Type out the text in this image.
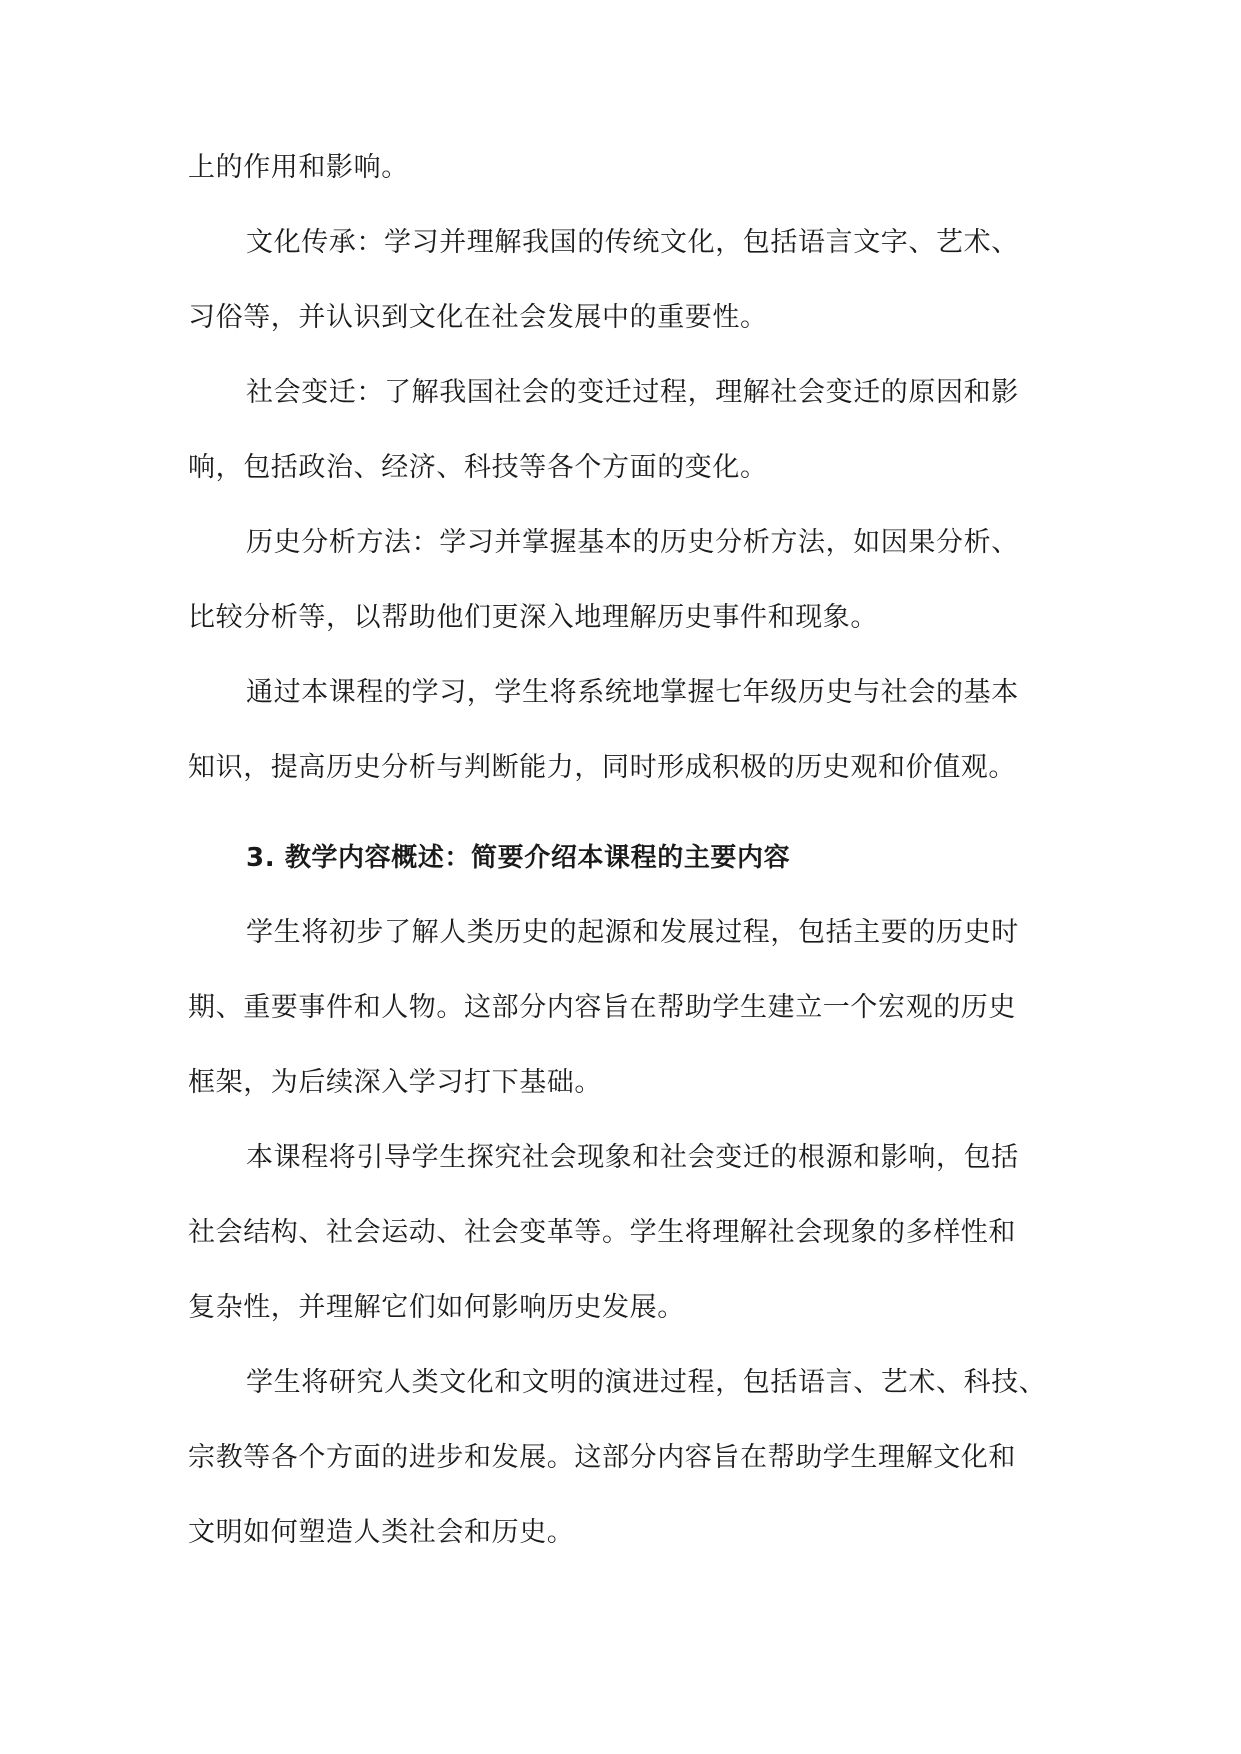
上的作用和影响。
文化传承：学习并理解我国的传统文化，包括语言文字、艺术、
习俗等，并认识到文化在社会发展中的重要性。
社会变迁：了解我国社会的变迁过程，理解社会变迁的原因和影
响，包括政治、经济、科技等各个方面的变化。
历史分析方法：学习并掌握基本的历史分析方法，如因果分析、
比较分析等，以帮助他们更深入地理解历史事件和现象。
通过本课程的学习，学生将系统地掌握七年级历史与社会的基本
知识，提高历史分析与判断能力，同时形成积极的历史观和价值观。
3. 教学内容概述：简要介绍本课程的主要内容
学生将初步了解人类历史的起源和发展过程，包括主要的历史时
期、重要事件和人物。这部分内容旨在帮助学生建立一个宏观的历史
框架，为后续深入学习打下基础。
本课程将引导学生探究社会现象和社会变迁的根源和影响，包括
社会结构、社会运动、社会变革等。学生将理解社会现象的多样性和
复杂性，并理解它们如何影响历史发展。
学生将研究人类文化和文明的演进过程，包括语言、艺术、科技、
宗教等各个方面的进步和发展。这部分内容旨在帮助学生理解文化和
文明如何塑造人类社会和历史。
